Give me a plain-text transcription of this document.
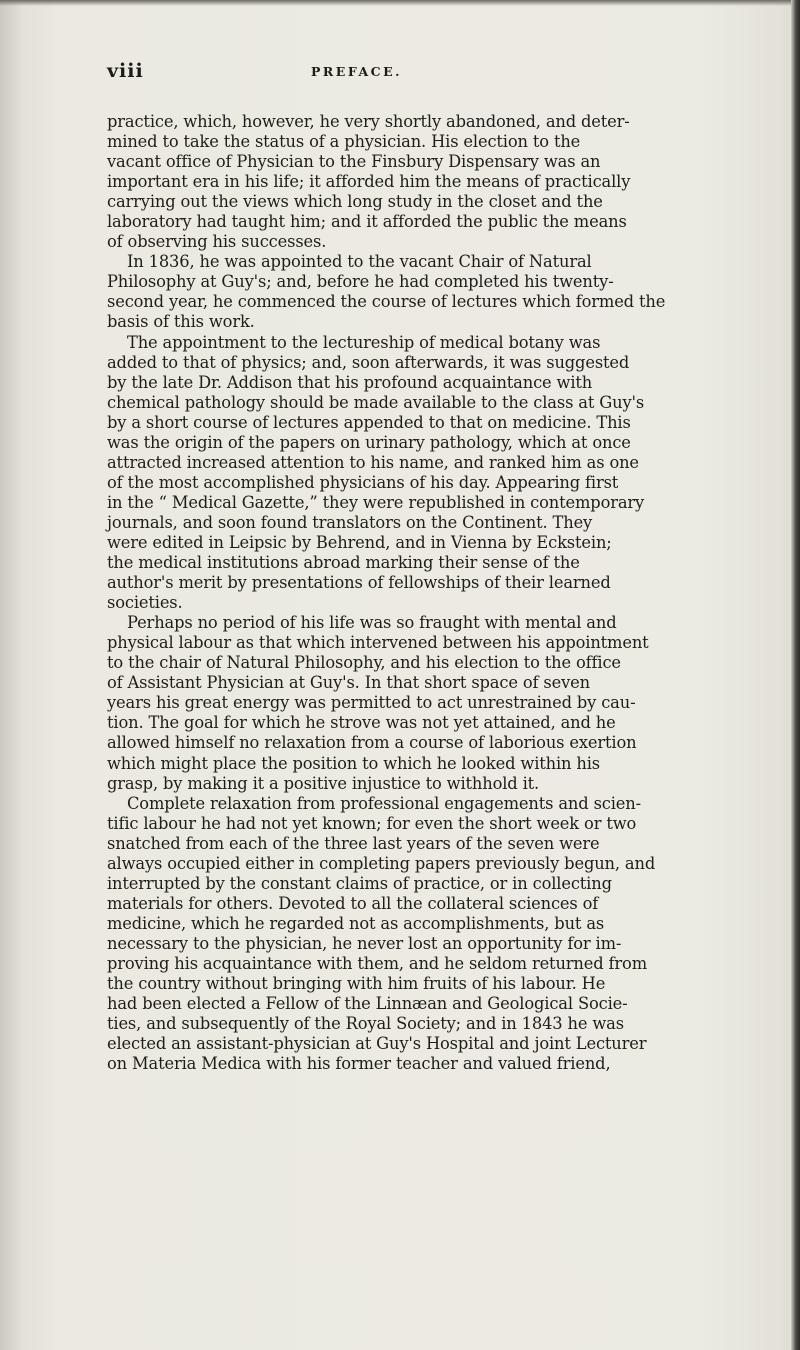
viii	PREFACE.
practice, which, however, he very shortly abandoned, and deter-
mined to take the status of a physician. His election to the
vacant office of Physician to the Finsbury Dispensary was an
important era in his life; it afforded him the means of practically
carrying out the views which long study in the closet and the
laboratory had taught him; and it afforded the public the means
of observing his successes.
In 1836, he was appointed to the vacant Chair of Natural
Philosophy at Guy's; and, before he had completed his twenty-
second year, he commenced the course of lectures which formed the
basis of this work.
The appointment to the lectureship of medical botany was
added to that of physics; and, soon afterwards, it was suggested
by the late Dr. Addison that his profound acquaintance with
chemical pathology should be made available to the class at Guy's
by a short course of lectures appended to that on medicine. This
was the origin of the papers on urinary pathology, which at once
attracted increased attention to his name, and ranked him as one
of the most accomplished physicians of his day. Appearing first
in the “ Medical Gazette,” they were republished in contemporary
journals, and soon found translators on the Continent. They
were edited in Leipsic by Behrend, and in Vienna by Eckstein;
the medical institutions abroad marking their sense of the
author's merit by presentations of fellowships of their learned
societies.
Perhaps no period of his life was so fraught with mental and
physical labour as that which intervened between his appointment
to the chair of Natural Philosophy, and his election to the office
of Assistant Physician at Guy's. In that short space of seven
years his great energy was permitted to act unrestrained by cau-
tion. The goal for which he strove was not yet attained, and he
allowed himself no relaxation from a course of laborious exertion
which might place the position to which he looked within his
grasp, by making it a positive injustice to withhold it.
Complete relaxation from professional engagements and scien-
tific labour he had not yet known; for even the short week or two
snatched from each of the three last years of the seven were
always occupied either in completing papers previously begun, and
interrupted by the constant claims of practice, or in collecting
materials for others. Devoted to all the collateral sciences of
medicine, which he regarded not as accomplishments, but as
necessary to the physician, he never lost an opportunity for im-
proving his acquaintance with them, and he seldom returned from
the country without bringing with him fruits of his labour. He
had been elected a Fellow of the Linnæan and Geological Socie-
ties, and subsequently of the Royal Society; and in 1843 he was
elected an assistant-physician at Guy's Hospital and joint Lecturer
on Materia Medica with his former teacher and valued friend,
